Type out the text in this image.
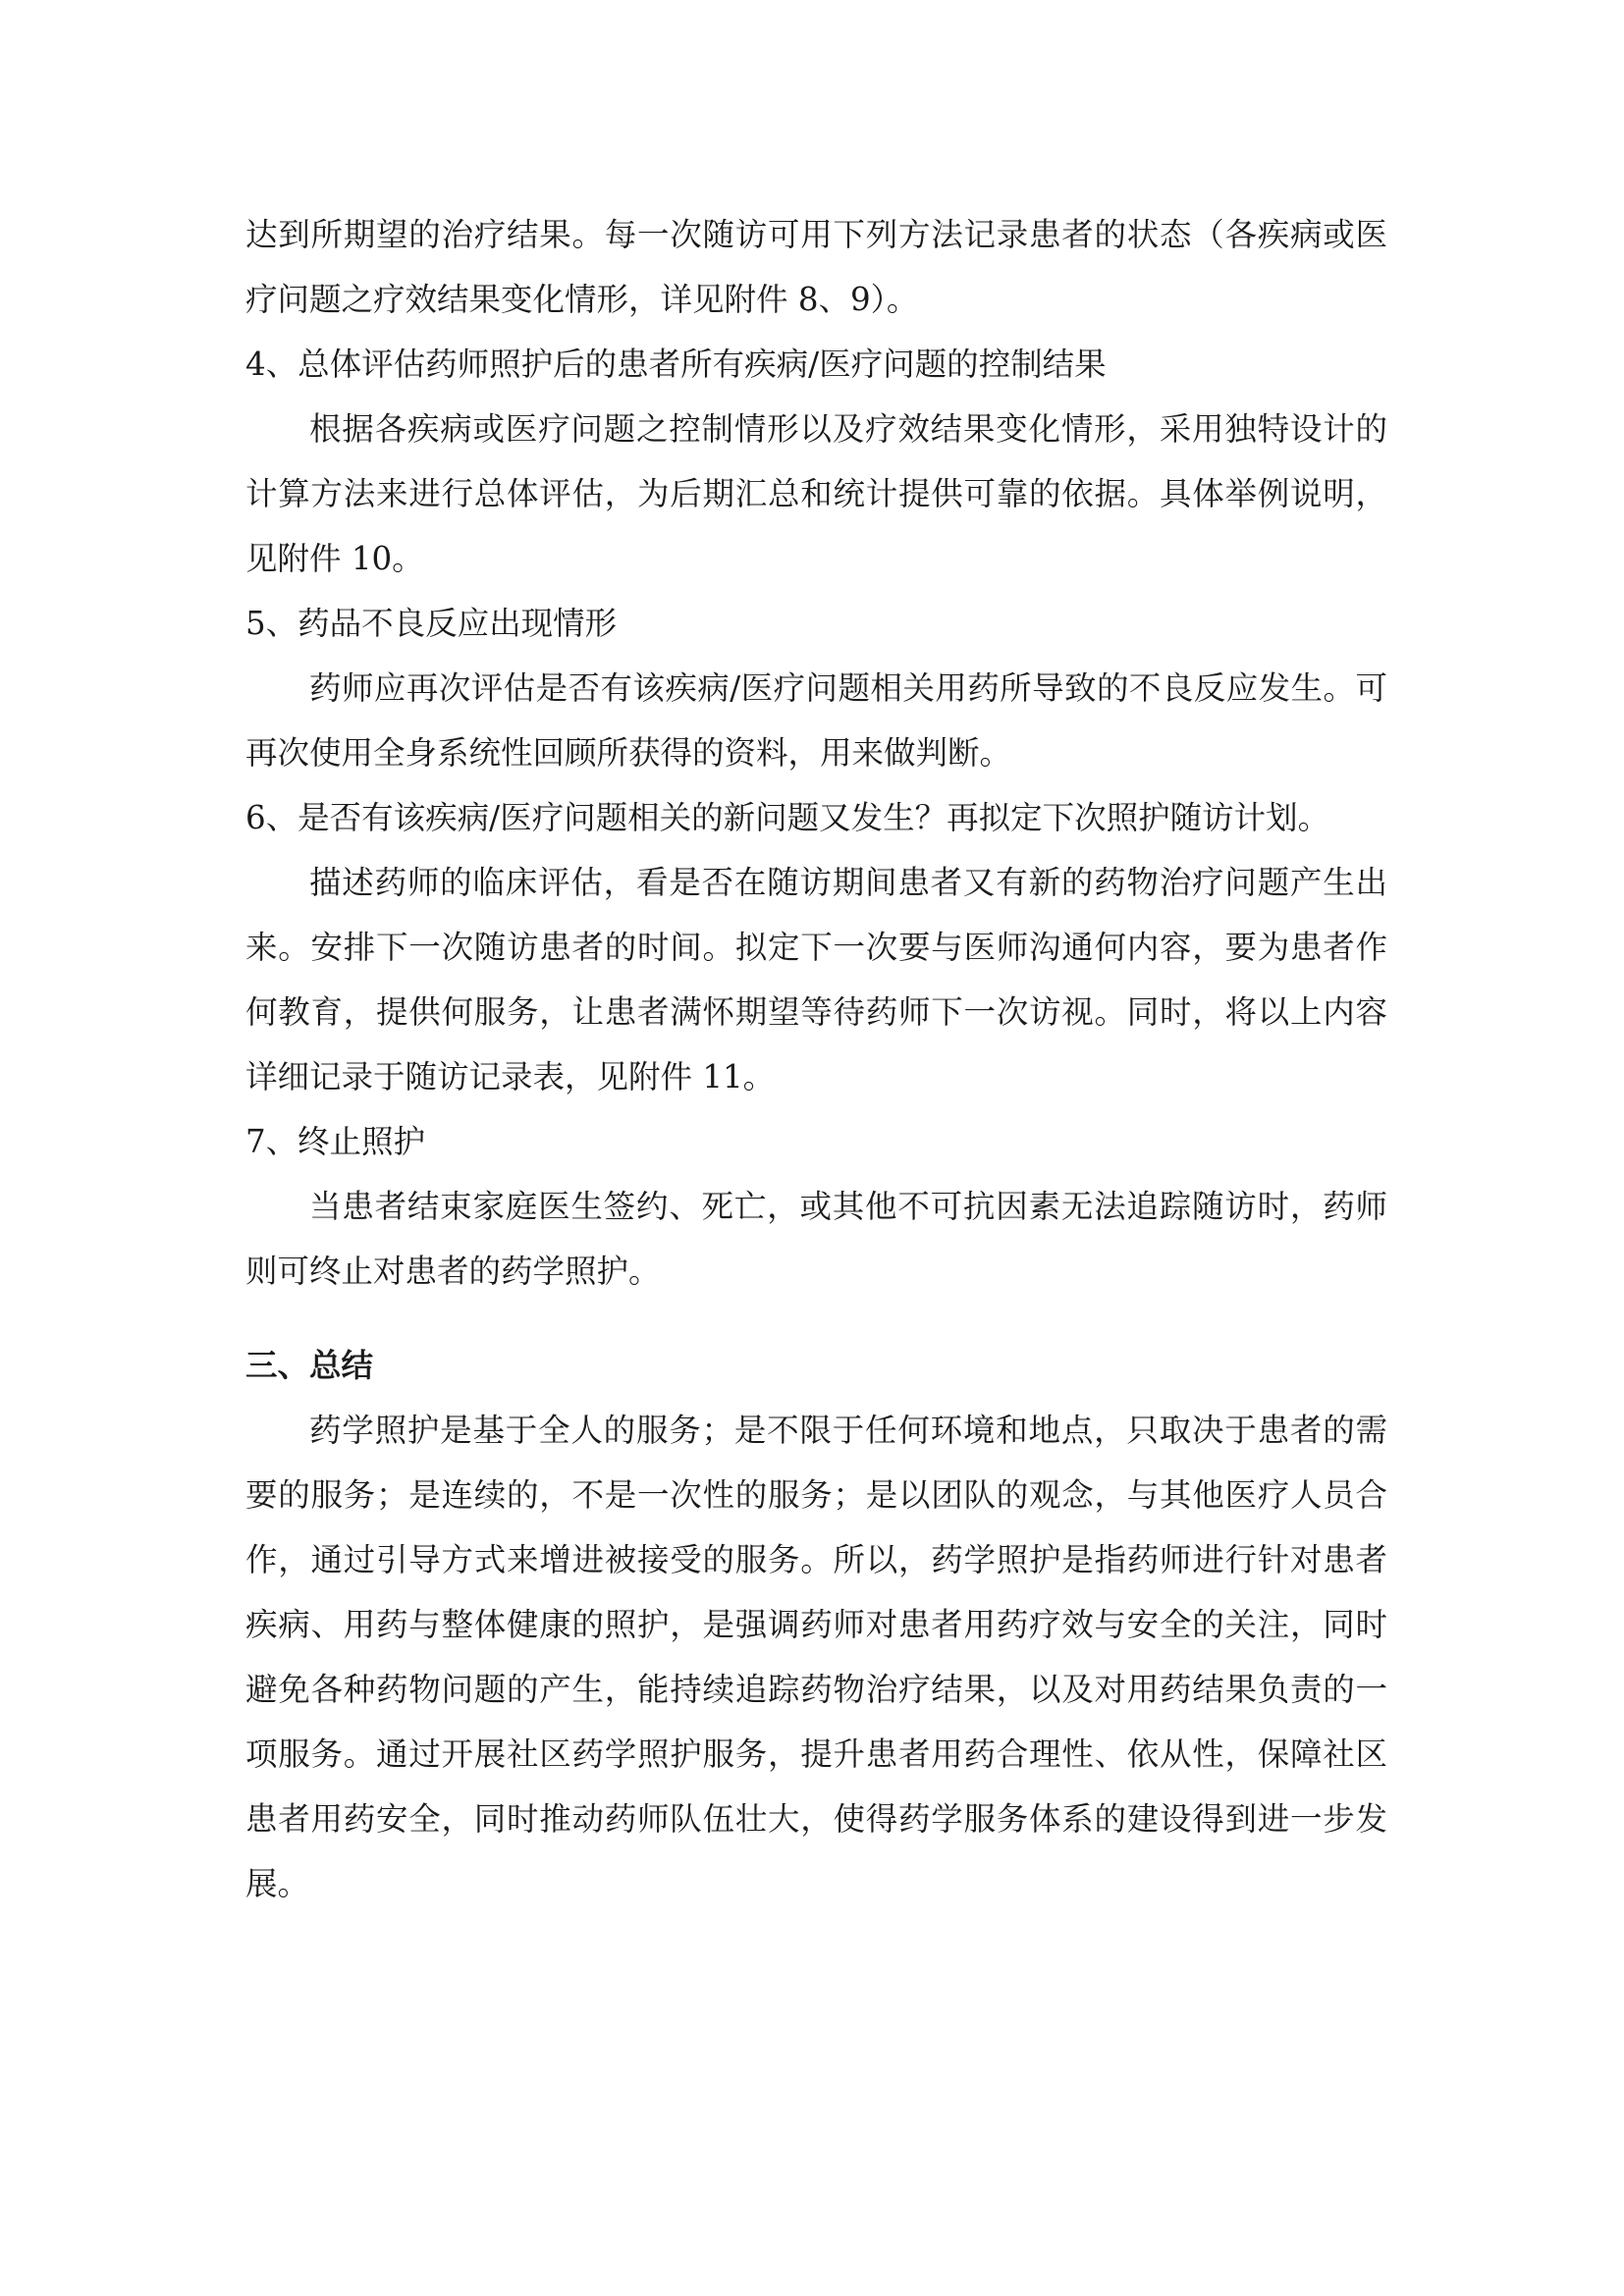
达到所期望的治疗结果。每一次随访可用下列方法记录患者的状态（各疾病或医疗问题之疗效结果变化情形，详见附件 8、9）。

4、总体评估药师照护后的患者所有疾病/医疗问题的控制结果

根据各疾病或医疗问题之控制情形以及疗效结果变化情形，采用独特设计的计算方法来进行总体评估，为后期汇总和统计提供可靠的依据。具体举例说明，见附件 10。

5、药品不良反应出现情形

药师应再次评估是否有该疾病/医疗问题相关用药所导致的不良反应发生。可再次使用全身系统性回顾所获得的资料，用来做判断。

6、是否有该疾病/医疗问题相关的新问题又发生？再拟定下次照护随访计划。

描述药师的临床评估，看是否在随访期间患者又有新的药物治疗问题产生出来。安排下一次随访患者的时间。拟定下一次要与医师沟通何内容，要为患者作何教育，提供何服务，让患者满怀期望等待药师下一次访视。同时，将以上内容详细记录于随访记录表，见附件 11。

7、终止照护

当患者结束家庭医生签约、死亡，或其他不可抗因素无法追踪随访时，药师则可终止对患者的药学照护。

三、总结

药学照护是基于全人的服务；是不限于任何环境和地点，只取决于患者的需要的服务；是连续的，不是一次性的服务；是以团队的观念，与其他医疗人员合作，通过引导方式来增进被接受的服务。所以，药学照护是指药师进行针对患者疾病、用药与整体健康的照护，是强调药师对患者用药疗效与安全的关注，同时避免各种药物问题的产生，能持续追踪药物治疗结果，以及对用药结果负责的一项服务。通过开展社区药学照护服务，提升患者用药合理性、依从性，保障社区患者用药安全，同时推动药师队伍壮大，使得药学服务体系的建设得到进一步发展。
